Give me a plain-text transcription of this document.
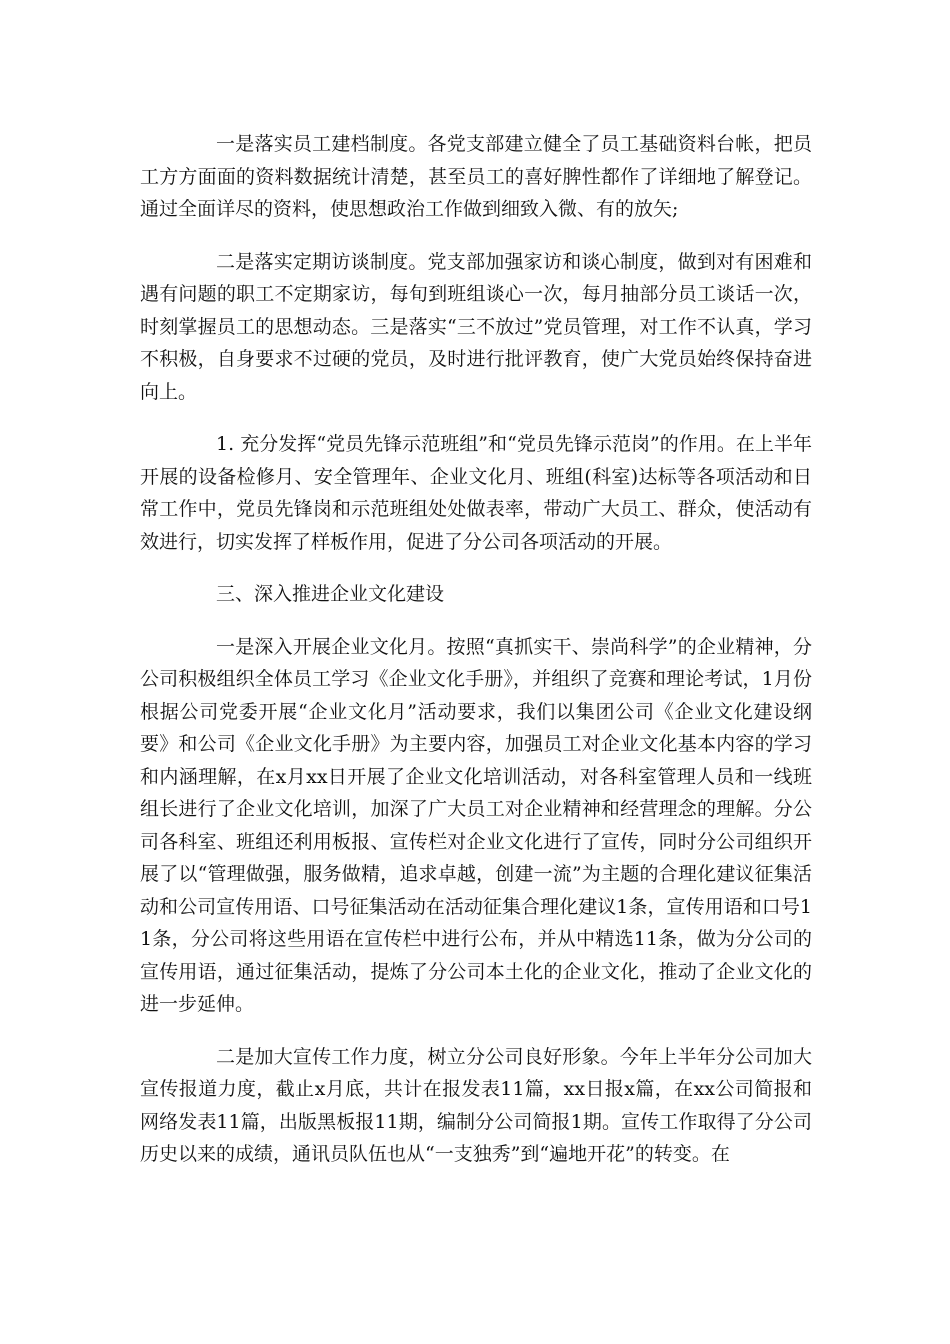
一是落实员工建档制度。各党支部建立健全了员工基础资料台帐，把员工方方面面的资料数据统计清楚，甚至员工的喜好脾性都作了详细地了解登记。通过全面详尽的资料，使思想政治工作做到细致入微、有的放矢;

二是落实定期访谈制度。党支部加强家访和谈心制度，做到对有困难和遇有问题的职工不定期家访，每旬到班组谈心一次，每月抽部分员工谈话一次，时刻掌握员工的思想动态。三是落实“三不放过”党员管理，对工作不认真，学习不积极，自身要求不过硬的党员，及时进行批评教育，使广大党员始终保持奋进向上。

1. 充分发挥“党员先锋示范班组”和“党员先锋示范岗”的作用。在上半年开展的设备检修月、安全管理年、企业文化月、班组(科室)达标等各项活动和日常工作中，党员先锋岗和示范班组处处做表率，带动广大员工、群众，使活动有效进行，切实发挥了样板作用，促进了分公司各项活动的开展。

三、深入推进企业文化建设

一是深入开展企业文化月。按照“真抓实干、崇尚科学”的企业精神，分公司积极组织全体员工学习《企业文化手册》，并组织了竞赛和理论考试，1月份根据公司党委开展“企业文化月”活动要求，我们以集团公司《企业文化建设纲要》和公司《企业文化手册》为主要内容，加强员工对企业文化基本内容的学习和内涵理解，在x月xx日开展了企业文化培训活动，对各科室管理人员和一线班组长进行了企业文化培训，加深了广大员工对企业精神和经营理念的理解。分公司各科室、班组还利用板报、宣传栏对企业文化进行了宣传，同时分公司组织开展了以“管理做强，服务做精，追求卓越，创建一流”为主题的合理化建议征集活动和公司宣传用语、口号征集活动在活动征集合理化建议1条，宣传用语和口号11条，分公司将这些用语在宣传栏中进行公布，并从中精选11条，做为分公司的宣传用语，通过征集活动，提炼了分公司本土化的企业文化，推动了企业文化的进一步延伸。

二是加大宣传工作力度，树立分公司良好形象。今年上半年分公司加大宣传报道力度，截止x月底，共计在报发表11篇，xx日报x篇，在xx公司简报和网络发表11篇，出版黑板报11期，编制分公司简报1期。宣传工作取得了分公司历史以来的成绩，通讯员队伍也从“一支独秀”到“遍地开花”的转变。在
